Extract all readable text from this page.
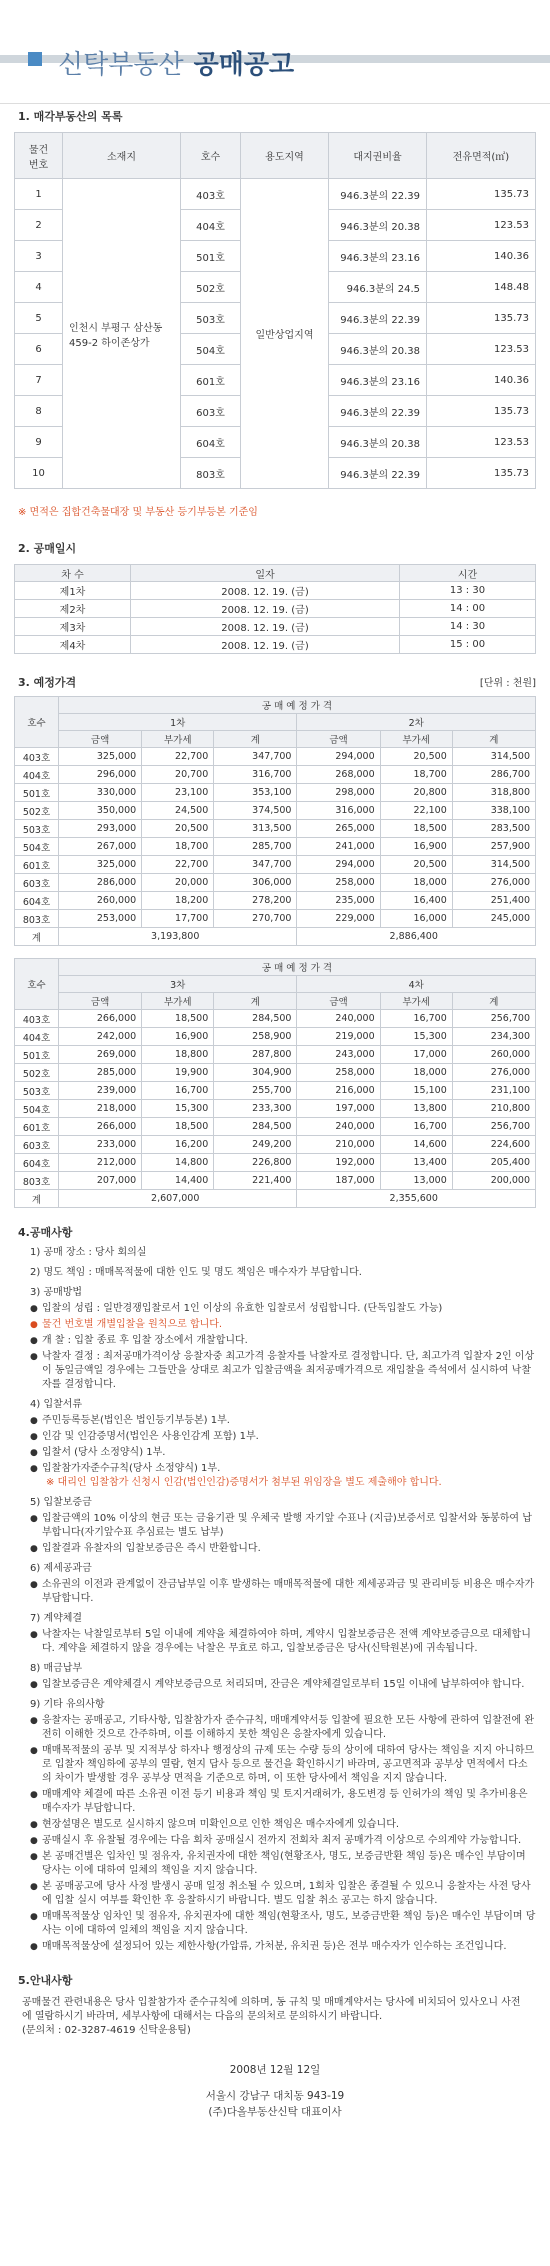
신탁부동산 공매공고
1. 매각부동산의 목록
물건
번호	소재지	호수	용도지역	대지권비율	전유면적(㎡)
1	인천시 부평구 삼산동 459-2 하이존상가	403호	일반상업지역	946.3분의 22.39	135.73
2		404호		946.3분의 20.38	123.53
3		501호		946.3분의 23.16	140.36
4		502호		946.3분의 24.5	148.48
5		503호		946.3분의 22.39	135.73
6		504호		946.3분의 20.38	123.53
7		601호		946.3분의 23.16	140.36
8		603호		946.3분의 22.39	135.73
9		604호		946.3분의 20.38	123.53
10		803호		946.3분의 22.39	135.73
※ 면적은 집합건축물대장 및 부동산 등기부등본 기준임
2. 공매일시
차 수	일자	시간
제1차	2008. 12. 19. (금)	13 : 30
제2차	2008. 12. 19. (금)	14 : 00
제3차	2008. 12. 19. (금)	14 : 30
제4차	2008. 12. 19. (금)	15 : 00
3. 예정가격	[단위 : 천원]
호수	공 매 예 정 가 격					
	1차			2차		
	금액	부가세	계	금액	부가세	계
403호	325,000	22,700	347,700	294,000	20,500	314,500
404호	296,000	20,700	316,700	268,000	18,700	286,700
501호	330,000	23,100	353,100	298,000	20,800	318,800
502호	350,000	24,500	374,500	316,000	22,100	338,100
503호	293,000	20,500	313,500	265,000	18,500	283,500
504호	267,000	18,700	285,700	241,000	16,900	257,900
601호	325,000	22,700	347,700	294,000	20,500	314,500
603호	286,000	20,000	306,000	258,000	18,000	276,000
604호	260,000	18,200	278,200	235,000	16,400	251,400
803호	253,000	17,700	270,700	229,000	16,000	245,000
계	3,193,800			2,886,400		
호수	공 매 예 정 가 격					
	3차			4차		
	금액	부가세	계	금액	부가세	계
403호	266,000	18,500	284,500	240,000	16,700	256,700
404호	242,000	16,900	258,900	219,000	15,300	234,300
501호	269,000	18,800	287,800	243,000	17,000	260,000
502호	285,000	19,900	304,900	258,000	18,000	276,000
503호	239,000	16,700	255,700	216,000	15,100	231,100
504호	218,000	15,300	233,300	197,000	13,800	210,800
601호	266,000	18,500	284,500	240,000	16,700	256,700
603호	233,000	16,200	249,200	210,000	14,600	224,600
604호	212,000	14,800	226,800	192,000	13,400	205,400
803호	207,000	14,400	221,400	187,000	13,000	200,000
계	2,607,000			2,355,600		
4.공매사항
1) 공매 장소 : 당사 회의실
2) 명도 책임 : 매매목적물에 대한 인도 및 명도 책임은 매수자가 부담합니다.
3) 공매방법
● 입찰의 성립 : 일반경쟁입찰로서 1인 이상의 유효한 입찰로서 성립합니다. (단독입찰도 가능)
● 물건 번호별 개별입찰을 원칙으로 합니다.
● 개 찰 : 입찰 종료 후 입찰 장소에서 개찰합니다.
● 낙찰자 결정 : 최저공매가격이상 응찰자중 최고가격 응찰자를 낙찰자로 결정합니다. 단, 최고가격 입찰자 2인 이상이 동일금액일 경우에는 그들만을 상대로 최고가 입찰금액을 최저공매가격으로 재입찰을 즉석에서 실시하여 낙찰자를 결정합니다.
4) 입찰서류
● 주민등록등본(법인은 법인등기부등본) 1부.
● 인감 및 인감증명서(법인은 사용인감계 포함) 1부.
● 입찰서 (당사 소정양식) 1부.
● 입찰참가자준수규칙(당사 소정양식) 1부.
※ 대리인 입찰참가 신청시 인감(법인인감)증명서가 첨부된 위임장을 별도 제출해야 합니다.
5) 입찰보증금
● 입찰금액의 10% 이상의 현금 또는 금융기관 및 우체국 발행 자기앞 수표나 (지급)보증서로 입찰서와 동봉하여 납부합니다(자기앞수표 추심료는 별도 납부)
● 입찰결과 유찰자의 입찰보증금은 즉시 반환합니다.
6) 제세공과금
● 소유권의 이전과 관계없이 잔금납부일 이후 발생하는 매매목적물에 대한 제세공과금 및 관리비등 비용은 매수자가 부담합니다.
7) 계약체결
● 낙찰자는 낙찰일로부터 5일 이내에 계약을 체결하여야 하며, 계약시 입찰보증금은 전액 계약보증금으로 대체합니다. 계약을 체결하지 않을 경우에는 낙찰은 무효로 하고, 입찰보증금은 당사(신탁원본)에 귀속됩니다.
8) 매금납부
● 입찰보증금은 계약체결시 계약보증금으로 처리되며, 잔금은 계약체결일로부터 15일 이내에 납부하여야 합니다.
9) 기타 유의사항
● 응찰자는 공매공고, 기타사항, 입찰참가자 준수규칙, 매매계약서등 입찰에 필요한 모든 사항에 관하여 입찰전에 완전히 이해한 것으로 간주하며, 이를 이해하지 못한 책임은 응찰자에게 있습니다.
● 매매목적물의 공부 및 지적부상 하자나 행정상의 규제 또는 수량 등의 상이에 대하여 당사는 책임을 지지 아니하므로 입찰자 책임하에 공부의 열람, 현지 답사 등으로 물건을 확인하시기 바라며, 공고면적과 공부상 면적에서 다소의 차이가 발생할 경우 공부상 면적을 기준으로 하며, 이 또한 당사에서 책임을 지지 않습니다.
● 매매계약 체결에 따른 소유권 이전 등기 비용과 책임 및 토지거래허가, 용도변경 등 인허가의 책임 및 추가비용은 매수자가 부담합니다.
● 현장설명은 별도로 실시하지 않으며 미확인으로 인한 책임은 매수자에게 있습니다.
● 공매실시 후 유찰될 경우에는 다음 회차 공매실시 전까지 전회차 최저 공매가격 이상으로 수의계약 가능합니다.
● 본 공매건별은 입차인 및 점유자, 유치권자에 대한 책임(현황조사, 명도, 보증금반환 책임 등)은 매수인 부담이며 당사는 이에 대하여 일체의 책임을 지지 않습니다.
● 본 공매공고에 당사 사정 발생시 공매 일정 취소될 수 있으며, 1회차 입찰은 종결될 수 있으니 응찰자는 사전 당사에 입찰 실시 여부를 확인한 후 응찰하시기 바랍니다. 별도 입찰 취소 공고는 하지 않습니다.
● 매매목적물상 임차인 및 점유자, 유치권자에 대한 책임(현황조사, 명도, 보증금반환 책임 등)은 매수인 부담이며 당사는 이에 대하여 일체의 책임을 지지 않습니다.
● 매매목적물상에 설정되어 있는 제한사항(가압류, 가처분, 유치권 등)은 전부 매수자가 인수하는 조건입니다.
5.안내사항
공매물건 관련내용은 당사 입찰참가자 준수규칙에 의하며, 동 규칙 및 매매계약서는 당사에 비치되어 있사오니 사전에 열람하시기 바라며, 세부사항에 대해서는 다음의 문의처로 문의하시기 바랍니다.
(문의처 : 02-3287-4619 신탁운용팀)
2008년 12월 12일
서울시 강남구 대치동 943-19
(주)다올부동산신탁 대표이사
